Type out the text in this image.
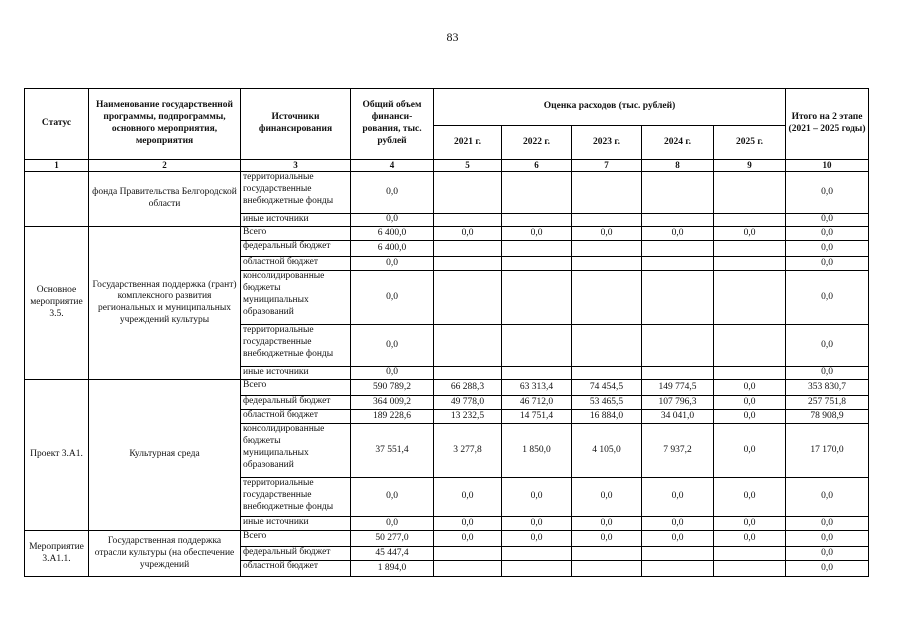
83
Статус	Наименование государственной программы, подпрограммы, основного мероприятия, мероприятия	Источники финансирования	Общий объем финанси-рования, тыс. рублей	Оценка расходов (тыс. рублей)					Итого на 2 этапе (2021 – 2025 годы)
				2021 г.	2022 г.	2023 г.	2024 г.	2025 г.	
1	2	3	4	5	6	7	8	9	10
	фонда Правительства Белгородской области	территориальные государственные внебюджетные фонды	0,0						0,0
		иные источники	0,0						0,0
Основное мероприятие 3.5.	Государственная поддержка (грант) комплексного развития региональных и муниципальных учреждений культуры	Всего	6 400,0	0,0	0,0	0,0	0,0	0,0	0,0
		федеральный бюджет	6 400,0						0,0
		областной бюджет	0,0						0,0
		консолидированные бюджеты муниципальных образований	0,0						0,0
		территориальные государственные внебюджетные фонды	0,0						0,0
		иные источники	0,0						0,0
Проект 3.А1.	Культурная среда	Всего	590 789,2	66 288,3	63 313,4	74 454,5	149 774,5	0,0	353 830,7
		федеральный бюджет	364 009,2	49 778,0	46 712,0	53 465,5	107 796,3	0,0	257 751,8
		областной бюджет	189 228,6	13 232,5	14 751,4	16 884,0	34 041,0	0,0	78 908,9
		консолидированные бюджеты муниципальных образований	37 551,4	3 277,8	1 850,0	4 105,0	7 937,2	0,0	17 170,0
		территориальные государственные внебюджетные фонды	0,0	0,0	0,0	0,0	0,0	0,0	0,0
		иные источники	0,0	0,0	0,0	0,0	0,0	0,0	0,0
Мероприятие 3.А1.1.	Государственная поддержка отрасли культуры (на обеспечение учреждений	Всего	50 277,0	0,0	0,0	0,0	0,0	0,0	0,0
		федеральный бюджет	45 447,4						0,0
		областной бюджет	1 894,0						0,0
